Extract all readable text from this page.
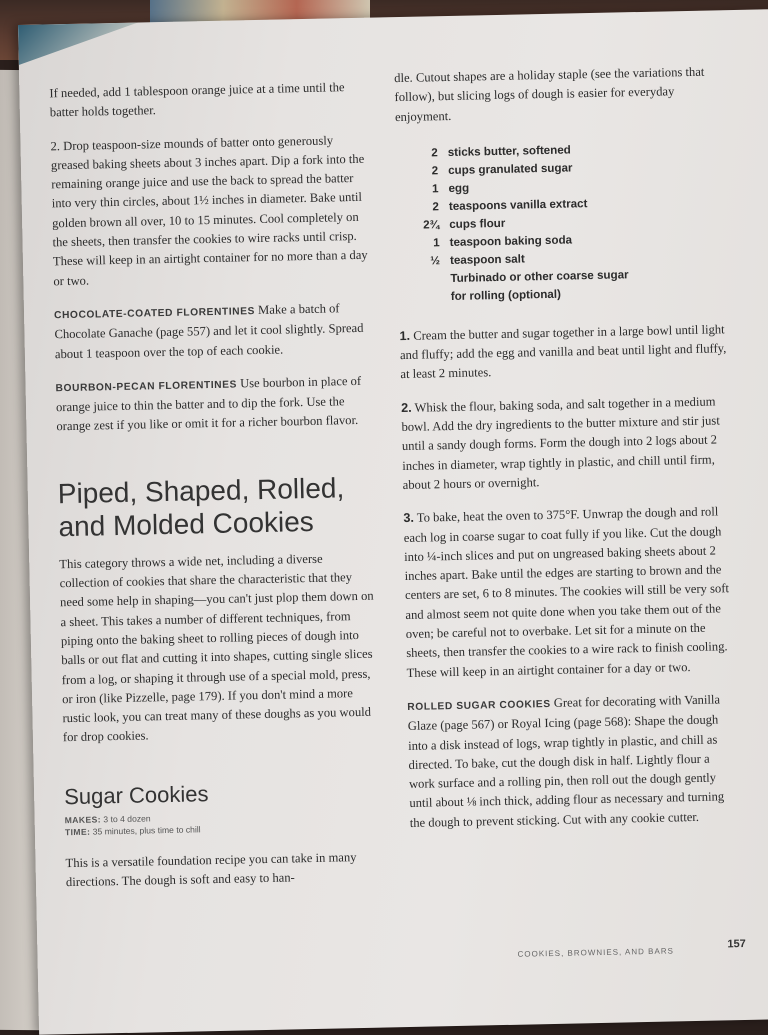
If needed, add 1 tablespoon orange juice at a time until the batter holds together.

2. Drop teaspoon-size mounds of batter onto generously greased baking sheets about 3 inches apart. Dip a fork into the remaining orange juice and use the back to spread the batter into very thin circles, about 1½ inches in diameter. Bake until golden brown all over, 10 to 15 minutes. Cool completely on the sheets, then transfer the cookies to wire racks until crisp. These will keep in an airtight container for no more than a day or two.

CHOCOLATE-COATED FLORENTINES Make a batch of Chocolate Ganache (page 557) and let it cool slightly. Spread about 1 teaspoon over the top of each cookie.

BOURBON-PECAN FLORENTINES Use bourbon in place of orange juice to thin the batter and to dip the fork. Use the orange zest if you like or omit it for a richer bourbon flavor.

Piped, Shaped, Rolled, and Molded Cookies

This category throws a wide net, including a diverse collection of cookies that share the characteristic that they need some help in shaping—you can't just plop them down on a sheet. This takes a number of different techniques, from piping onto the baking sheet to rolling pieces of dough into balls or out flat and cutting it into shapes, cutting single slices from a log, or shaping it through use of a special mold, press, or iron (like Pizzelle, page 179). If you don't mind a more rustic look, you can treat many of these doughs as you would for drop cookies.

Sugar Cookies
MAKES: 3 to 4 dozen
TIME: 35 minutes, plus time to chill

This is a versatile foundation recipe you can take in many directions. The dough is soft and easy to han-

dle. Cutout shapes are a holiday staple (see the variations that follow), but slicing logs of dough is easier for everyday enjoyment.

2 sticks butter, softened
2 cups granulated sugar
1 egg
2 teaspoons vanilla extract
2¾ cups flour
1 teaspoon baking soda
½ teaspoon salt
Turbinado or other coarse sugar
for rolling (optional)

1. Cream the butter and sugar together in a large bowl until light and fluffy; add the egg and vanilla and beat until light and fluffy, at least 2 minutes.

2. Whisk the flour, baking soda, and salt together in a medium bowl. Add the dry ingredients to the butter mixture and stir just until a sandy dough forms. Form the dough into 2 logs about 2 inches in diameter, wrap tightly in plastic, and chill until firm, about 2 hours or overnight.

3. To bake, heat the oven to 375°F. Unwrap the dough and roll each log in coarse sugar to coat fully if you like. Cut the dough into ¼-inch slices and put on ungreased baking sheets about 2 inches apart. Bake until the edges are starting to brown and the centers are set, 6 to 8 minutes. The cookies will still be very soft and almost seem not quite done when you take them out of the oven; be careful not to overbake. Let sit for a minute on the sheets, then transfer the cookies to a wire rack to finish cooling. These will keep in an airtight container for a day or two.

ROLLED SUGAR COOKIES Great for decorating with Vanilla Glaze (page 567) or Royal Icing (page 568): Shape the dough into a disk instead of logs, wrap tightly in plastic, and chill as directed. To bake, cut the dough disk in half. Lightly flour a work surface and a rolling pin, then roll out the dough gently until about ⅛ inch thick, adding flour as necessary and turning the dough to prevent sticking. Cut with any cookie cutter.

COOKIES, BROWNIES, AND BARS
157
